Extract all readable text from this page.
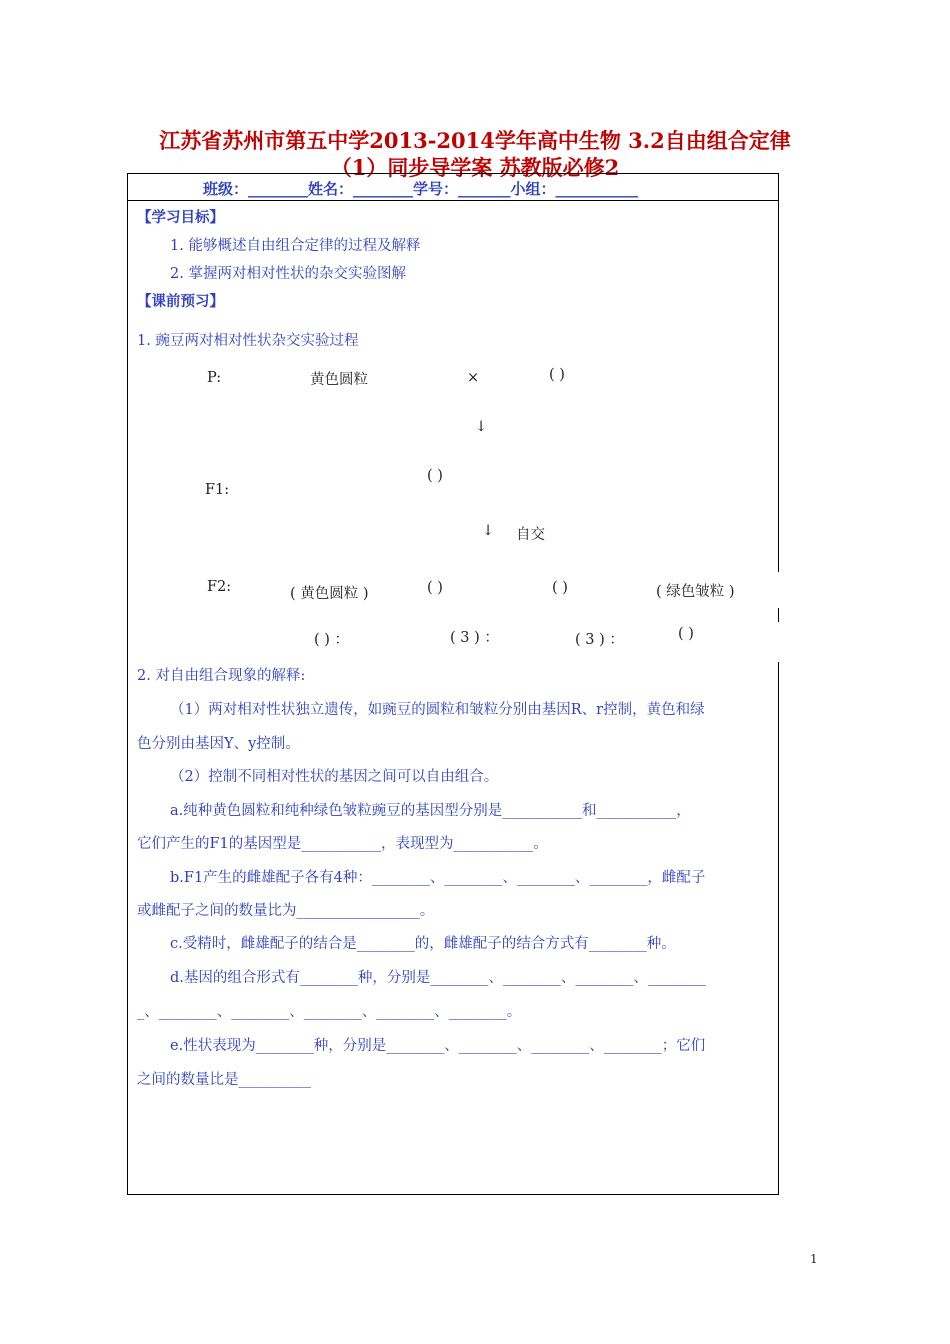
江苏省苏州市第五中学2013-2014学年高中生物 3.2自由组合定律
（1）同步导学案 苏教版必修2
班级：________姓名：________学号：_______小组：___________
【学习目标】
1. 能够概述自由组合定律的过程及解释
2. 掌握两对相对性状的杂交实验图解
【课前预习】
1. 豌豆两对相对性状杂交实验过程
P:	黄色圆粒	×	( )
↓
( )
F1:
↓ 自交
F2:	( 黄色圆粒 )	( )	( )	( 绿色皱粒 )
( ) ：	( 3 ) ：	( 3 ) ：	( )
2. 对自由组合现象的解释:
（1）两对相对性状独立遗传，如豌豆的圆粒和皱粒分别由基因R、r控制，黄色和绿
色分别由基因Y、y控制。
（2）控制不同相对性状的基因之间可以自由组合。
a.纯种黄色圆粒和纯种绿色皱粒豌豆的基因型分别是___________和___________，
它们产生的F1的基因型是___________，表现型为___________。
b.F1产生的雌雄配子各有4种：________、________、________、________，雌配子
或雌配子之间的数量比为_________________。
c.受精时，雌雄配子的结合是________的，雌雄配子的结合方式有________种。
d.基因的组合形式有________种，分别是________、________、________、________
_、________、________、________、________、________。
e.性状表现为________种，分别是________、________、________、________；它们
之间的数量比是__________
1
